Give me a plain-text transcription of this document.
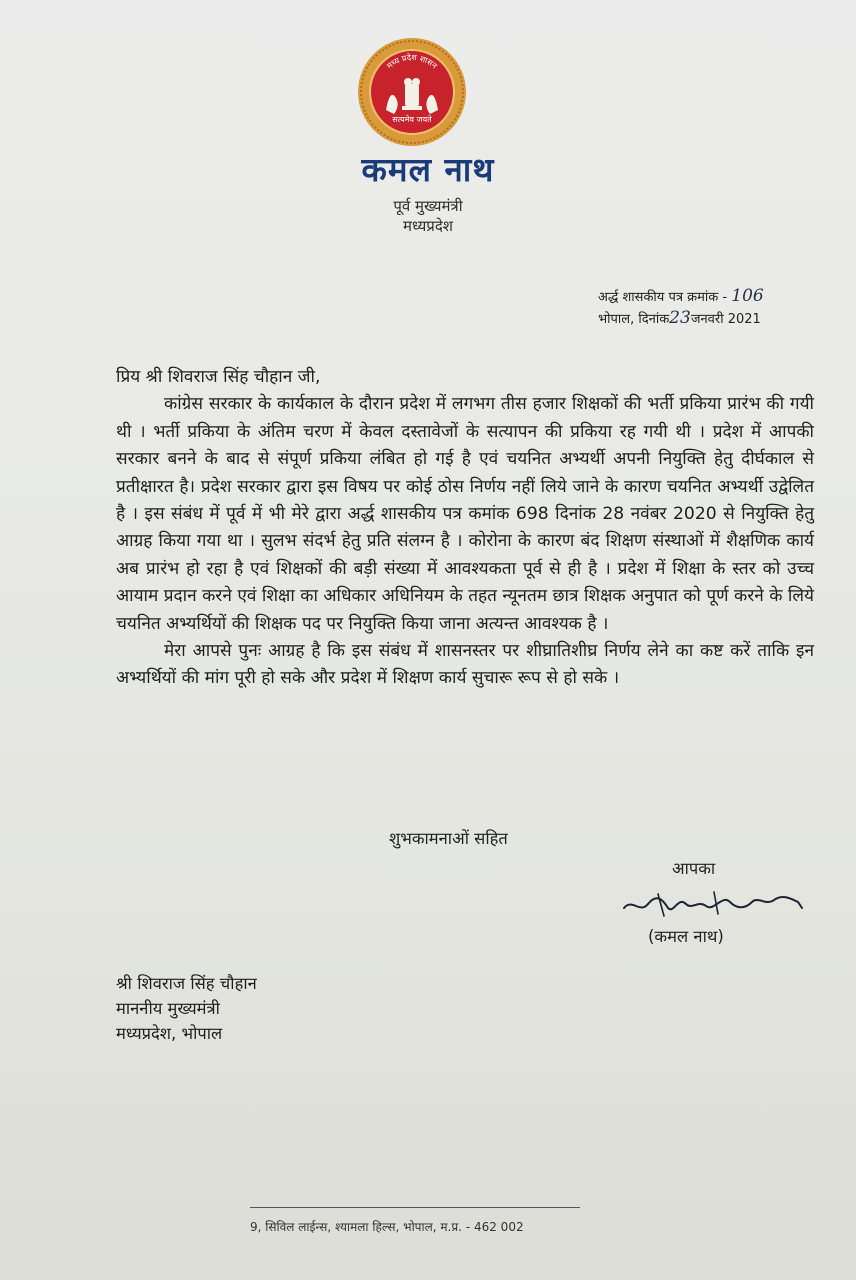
मध्य प्रदेश शासन
सत्यमेव जयते
कमल नाथ
पूर्व मुख्यमंत्री
मध्यप्रदेश
अर्द्ध शासकीय पत्र क्रमांक - 106
भोपाल, दिनांक23जनवरी 2021

प्रिय श्री शिवराज सिंह चौहान जी,

कांग्रेस सरकार के कार्यकाल के दौरान प्रदेश में लगभग तीस हजार शिक्षकों की भर्ती प्रकिया प्रारंभ की गयी थी । भर्ती प्रकिया के अंतिम चरण में केवल दस्तावेजों के सत्यापन की प्रकिया रह गयी थी । प्रदेश में आपकी सरकार बनने के बाद से संपूर्ण प्रकिया लंबित हो गई है एवं चयनित अभ्यर्थी अपनी नियुक्ति हेतु दीर्घकाल से प्रतीक्षारत है। प्रदेश सरकार द्वारा इस विषय पर कोई ठोस निर्णय नहीं लिये जाने के कारण चयनित अभ्यर्थी उद्वेलित है । इस संबंध में पूर्व में भी मेरे द्वारा अर्द्ध शासकीय पत्र कमांक 698 दिनांक 28 नवंबर 2020 से नियुक्ति हेतु आग्रह किया गया था । सुलभ संदर्भ हेतु प्रति संलग्न है । कोरोना के कारण बंद शिक्षण संस्थाओं में शैक्षणिक कार्य अब प्रारंभ हो रहा है एवं शिक्षकों की बड़ी संख्या में आवश्यकता पूर्व से ही है । प्रदेश में शिक्षा के स्तर को उच्च आयाम प्रदान करने एवं शिक्षा का अधिकार अधिनियम के तहत न्यूनतम छात्र शिक्षक अनुपात को पूर्ण करने के लिये चयनित अभ्यर्थियों की शिक्षक पद पर नियुक्ति किया जाना अत्यन्त आवश्यक है ।

मेरा आपसे पुनः आग्रह है कि इस संबंध में शासनस्तर पर शीघ्रातिशीघ्र निर्णय लेने का कष्ट करें ताकि इन अभ्यर्थियों की मांग पूरी हो सके और प्रदेश में शिक्षण कार्य सुचारू रूप से हो सके ।

शुभकामनाओं सहित
आपका
(कमल नाथ)
श्री शिवराज सिंह चौहान
माननीय मुख्यमंत्री
मध्यप्रदेश, भोपाल
9, सिविल लाईन्स, श्यामला हिल्स, भोपाल, म.प्र. - 462 002
